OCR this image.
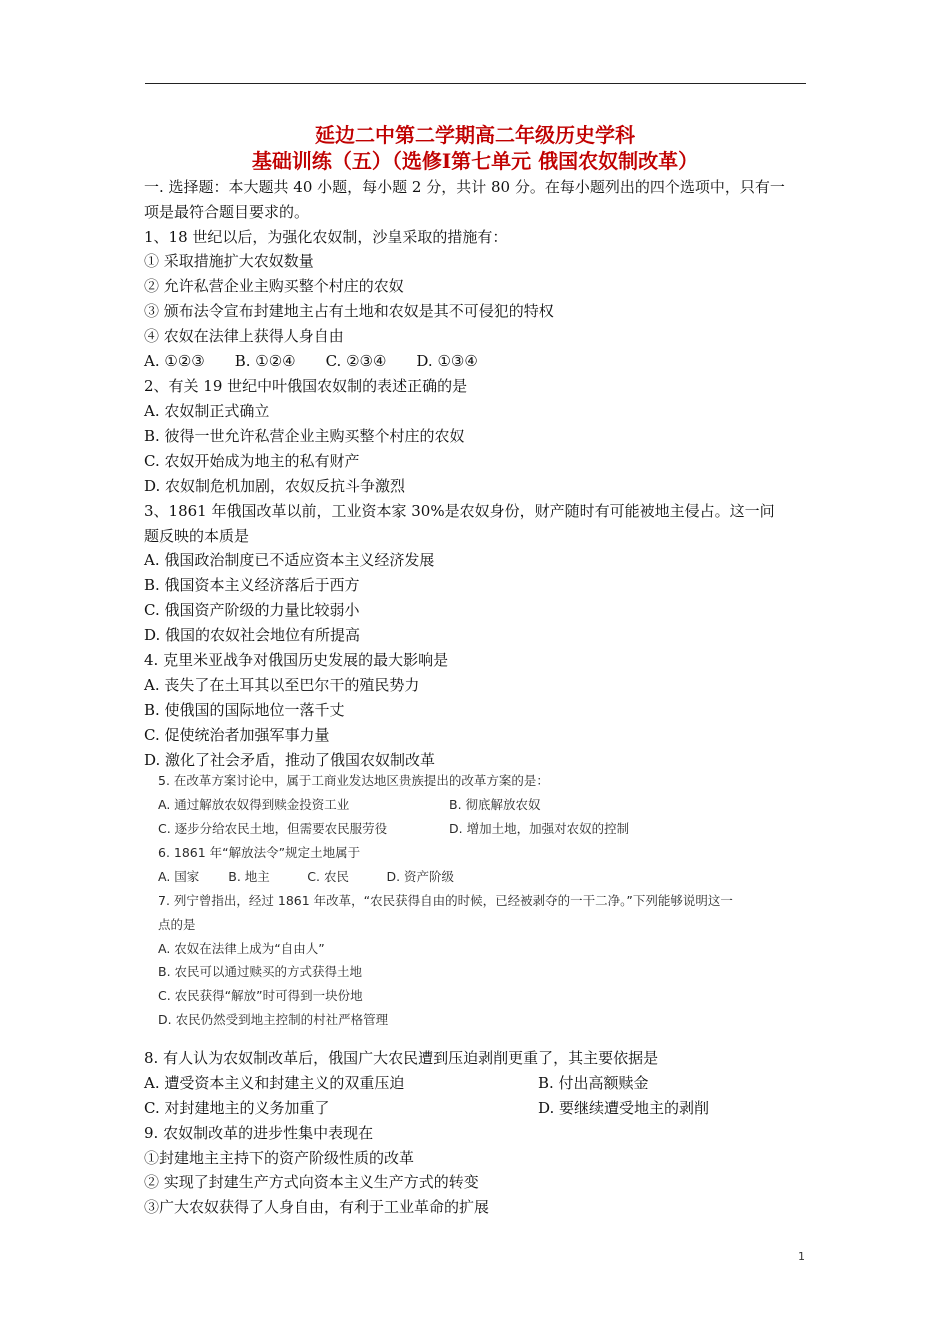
延边二中第二学期高二年级历史学科
基础训练（五）（选修Ⅰ第七单元 俄国农奴制改革）
一. 选择题：本大题共 40 小题，每小题 2 分，共计 80 分。在每小题列出的四个选项中，只有一
项是最符合题目要求的。
1、18 世纪以后，为强化农奴制，沙皇采取的措施有：
① 采取措施扩大农奴数量
② 允许私营企业主购买整个村庄的农奴
③ 颁布法令宣布封建地主占有土地和农奴是其不可侵犯的特权
④ 农奴在法律上获得人身自由
A. ①②③　　B. ①②④　　C. ②③④　　D. ①③④
2、有关 19 世纪中叶俄国农奴制的表述正确的是
A. 农奴制正式确立
B. 彼得一世允许私营企业主购买整个村庄的农奴
C. 农奴开始成为地主的私有财产
D. 农奴制危机加剧，农奴反抗斗争激烈
3、1861 年俄国改革以前，工业资本家 30%是农奴身份，财产随时有可能被地主侵占。这一问
题反映的本质是
A. 俄国政治制度已不适应资本主义经济发展
B. 俄国资本主义经济落后于西方
C. 俄国资产阶级的力量比较弱小
D. 俄国的农奴社会地位有所提高
4. 克里米亚战争对俄国历史发展的最大影响是
A. 丧失了在土耳其以至巴尔干的殖民势力
B. 使俄国的国际地位一落千丈
C. 促使统治者加强军事力量
D. 激化了社会矛盾，推动了俄国农奴制改革
5. 在改革方案讨论中，属于工商业发达地区贵族提出的改革方案的是：
A. 通过解放农奴得到赎金投资工业	B. 彻底解放农奴
C. 逐步分给农民土地，但需要农民服劳役	D. 增加土地，加强对农奴的控制
6. 1861 年“解放法令”规定土地属于
A. 国家　　 B. 地主　　　C. 农民　　　D. 资产阶级
7. 列宁曾指出，经过 1861 年改革，“农民获得自由的时候，已经被剥夺的一干二净。”下列能够说明这一
点的是
A. 农奴在法律上成为“自由人”
B. 农民可以通过赎买的方式获得土地
C. 农民获得“解放”时可得到一块份地
D. 农民仍然受到地主控制的村社严格管理
8. 有人认为农奴制改革后，俄国广大农民遭到压迫剥削更重了，其主要依据是
A. 遭受资本主义和封建主义的双重压迫	B. 付出高额赎金
C. 对封建地主的义务加重了	D. 要继续遭受地主的剥削
9. 农奴制改革的进步性集中表现在
①封建地主主持下的资产阶级性质的改革
② 实现了封建生产方式向资本主义生产方式的转变
③广大农奴获得了人身自由，有利于工业革命的扩展
1
